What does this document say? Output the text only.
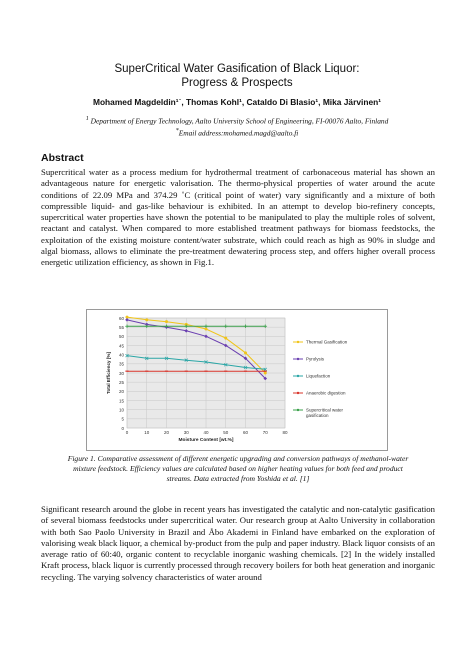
SuperCritical Water Gasification of Black Liquor:
Progress & Prospects
Mohamed Magdeldin¹˙, Thomas Kohl¹, Cataldo Di Blasio¹, Mika Järvinen¹
$^1$ Department of Energy Technology, Aalto University School of Engineering, FI-00076 Aalto, Finland
*Email address:mohamed.magd@aalto.fi
Abstract
Supercritical water as a process medium for hydrothermal treatment of carbonaceous material has shown an advantageous nature for energetic valorisation. The thermo-physical properties of water around the acute conditions of 22.09 MPa and 374.29 ˚C (critical point of water) vary significantly and a mixture of both compressible liquid- and gas-like behaviour is exhibited. In an attempt to develop bio-refinery concepts, supercritical water properties have shown the potential to be manipulated to play the multiple roles of solvent, reactant and catalyst. When compared to more established treatment pathways for biomass feedstocks, the exploitation of the existing moisture content/water substrate, which could reach as high as 90% in sludge and algal biomass, allows to eliminate the pre-treatment dewatering process step, and offers higher overall process energetic utilization efficiency, as shown in Fig.1.
0
5
10
15
20
25
30
35
40
45
50
55
60
0	10	20	30	40	50	60	70	80
Moisture Content [wt.%]
Total Efficiency [%]
Thermal Gasification
Pyrolysis
Liquefaction
Anaerobic digestion
Supercritical water
gasification
Figure 1. Comparative assessment of different energetic upgrading and conversion pathways of methanol-water mixture feedstock. Efficiency values are calculated based on higher heating values for both feed and product streams. Data extracted from Yoshida et al. [1]
Significant research around the globe in recent years has investigated the catalytic and non-catalytic gasification of several biomass feedstocks under supercritical water. Our research group at Aalto University in collaboration with both Sao Paolo University in Brazil and Åbo Akademi in Finland have embarked on the exploration of valorising weak black liquor, a chemical by-product from the pulp and paper industry. Black liquor consists of an average ratio of 60:40, organic content to recyclable inorganic washing chemicals. [2] In the widely installed Kraft process, black liquor is currently processed through recovery boilers for both heat generation and inorganic recycling. The varying solvency characteristics of water around
